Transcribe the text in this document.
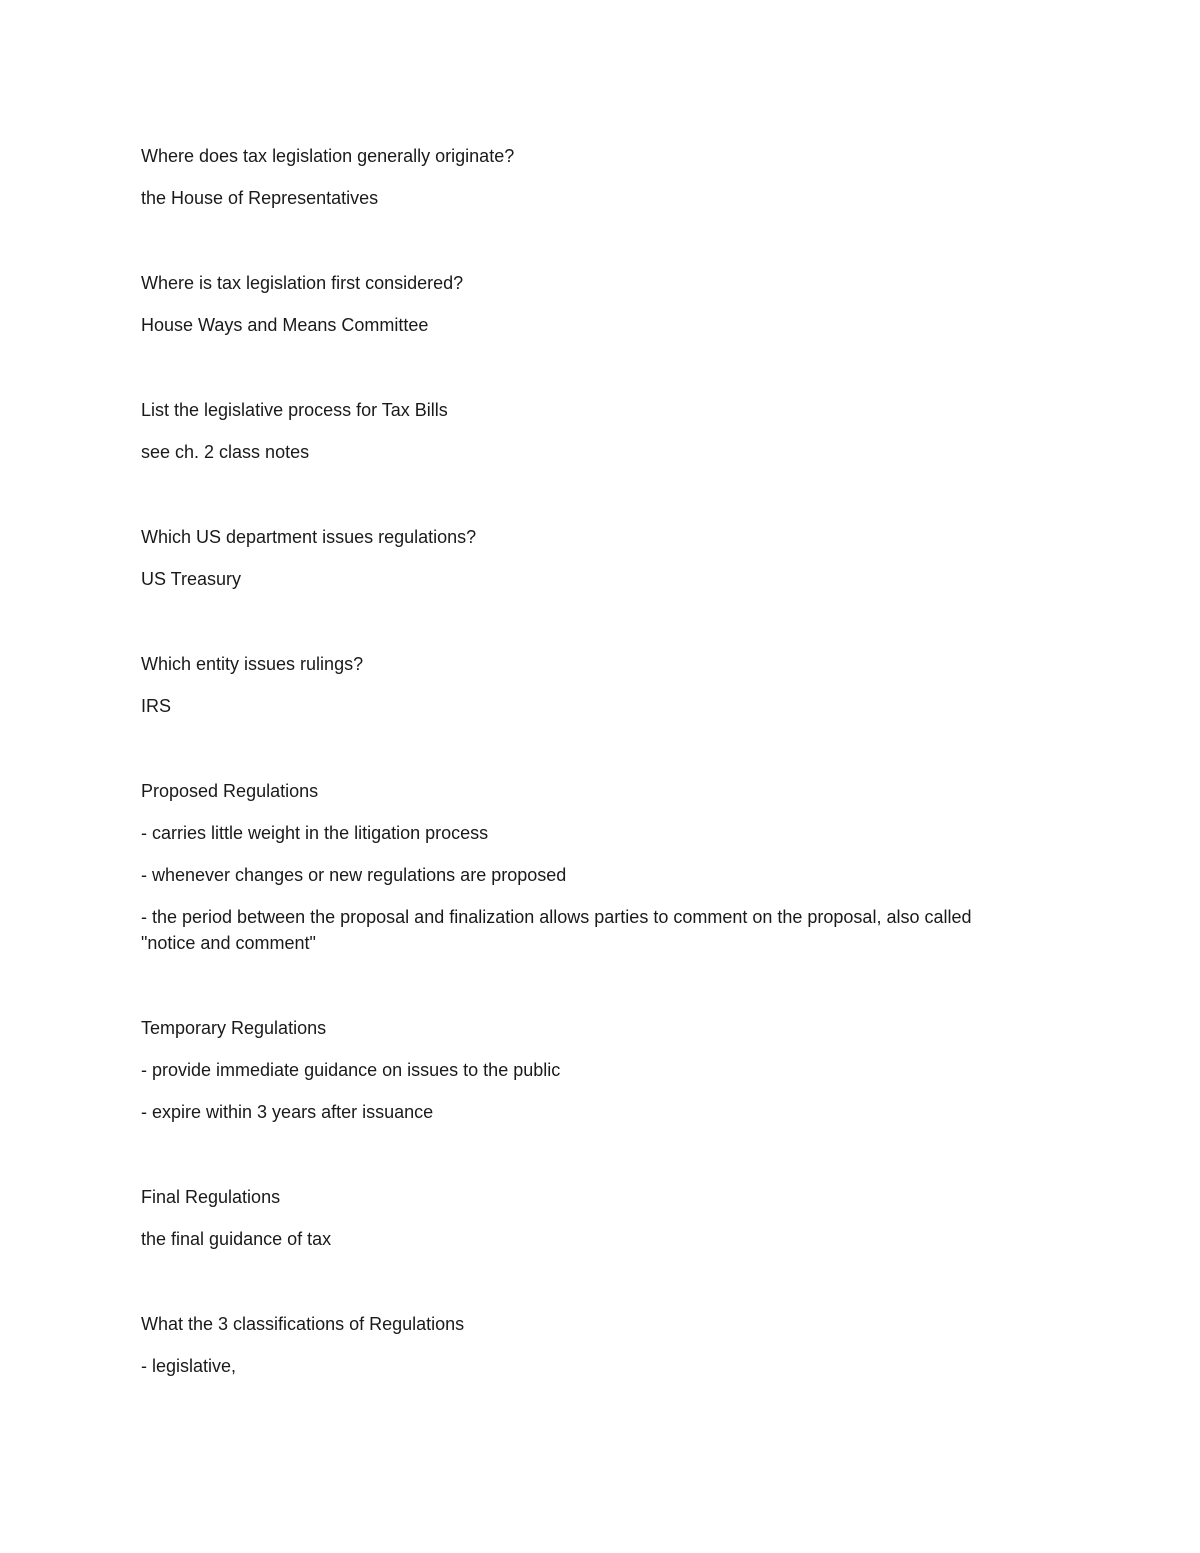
Where does tax legislation generally originate?
the House of Representatives
Where is tax legislation first considered?
House Ways and Means Committee
List the legislative process for Tax Bills
see ch. 2 class notes
Which US department issues regulations?
US Treasury
Which entity issues rulings?
IRS
Proposed Regulations
- carries little weight in the litigation process
- whenever changes or new regulations are proposed
- the period between the proposal and finalization allows parties to comment on the proposal, also called "notice and comment"
Temporary Regulations
- provide immediate guidance on issues to the public
- expire within 3 years after issuance
Final Regulations
the final guidance of tax
What the 3 classifications of Regulations
- legislative,
